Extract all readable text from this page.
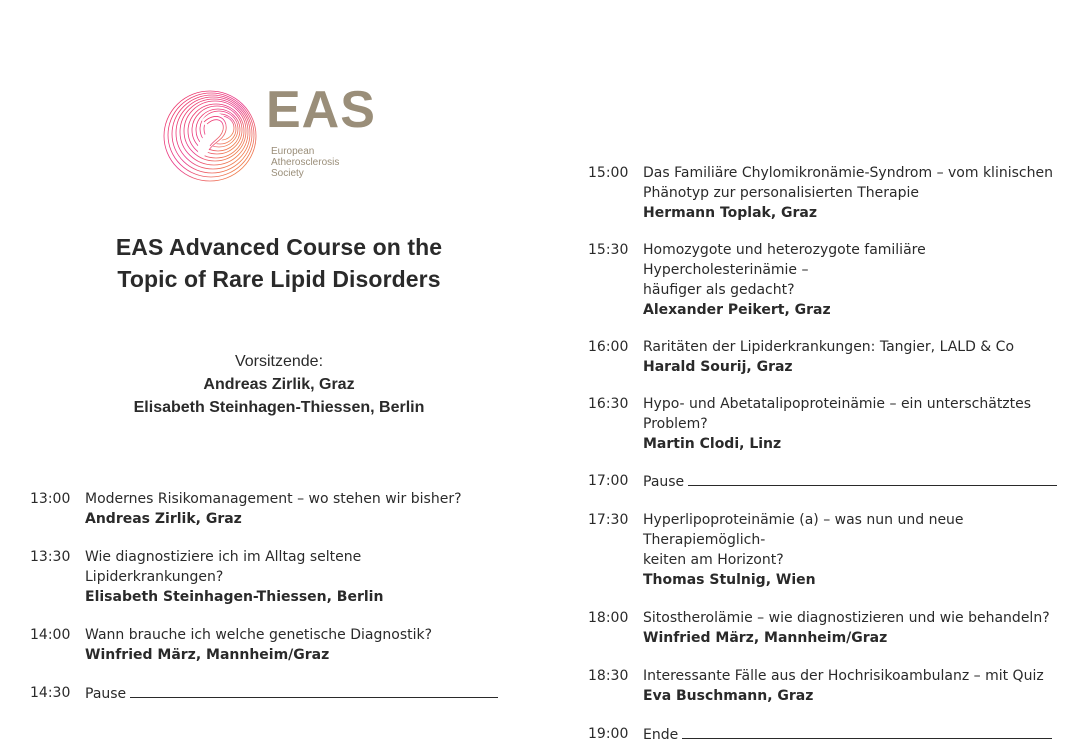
EAS
European
Atherosclerosis
Society
EAS Advanced Course on the
Topic of Rare Lipid Disorders
Vorsitzende:
Andreas Zirlik, Graz
Elisabeth Steinhagen-Thiessen, Berlin
13:00 Modernes Risikomanagement – wo stehen wir bisher?
Andreas Zirlik, Graz
13:30 Wie diagnostiziere ich im Alltag seltene Lipiderkrankungen?
Elisabeth Steinhagen-Thiessen, Berlin
14:00 Wann brauche ich welche genetische Diagnostik?
Winfried März, Mannheim/Graz
14:30 Pause
15:00 Das Familiäre Chylomikronämie-Syndrom – vom klinischen
Phänotyp zur personalisierten Therapie
Hermann Toplak, Graz
15:30 Homozygote und heterozygote familiäre Hypercholesterinämie –
häufiger als gedacht?
Alexander Peikert, Graz
16:00 Raritäten der Lipiderkrankungen: Tangier, LALD & Co
Harald Sourij, Graz
16:30 Hypo- und Abetatalipoproteinämie – ein unterschätztes Problem?
Martin Clodi, Linz
17:00 Pause
17:30 Hyperlipoproteinämie (a) – was nun und neue Therapiemöglich-
keiten am Horizont?
Thomas Stulnig, Wien
18:00 Sitostherolämie – wie diagnostizieren und wie behandeln?
Winfried März, Mannheim/Graz
18:30 Interessante Fälle aus der Hochrisikoambulanz – mit Quiz
Eva Buschmann, Graz
19:00 Ende
